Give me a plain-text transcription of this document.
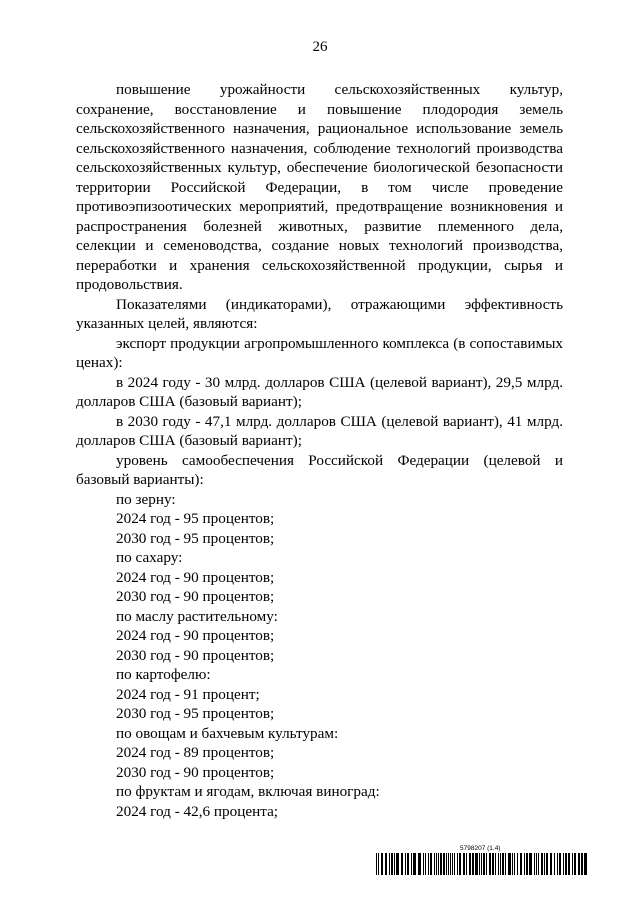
26

повышение урожайности сельскохозяйственных культур, сохранение, восстановление и повышение плодородия земель сельскохозяйственного назначения, рациональное использование земель сельскохозяйственного назначения, соблюдение технологий производства сельскохозяйственных культур, обеспечение биологической безопасности территории Российской Федерации, в том числе проведение противоэпизоотических мероприятий, предотвращение возникновения и распространения болезней животных, развитие племенного дела, селекции и семеноводства, создание новых технологий производства, переработки и хранения сельскохозяйственной продукции, сырья и продовольствия.

Показателями (индикаторами), отражающими эффективность указанных целей, являются:

экспорт продукции агропромышленного комплекса (в сопоставимых ценах):

в 2024 году - 30 млрд. долларов США (целевой вариант), 29,5 млрд. долларов США (базовый вариант);

в 2030 году - 47,1 млрд. долларов США (целевой вариант), 41 млрд. долларов США (базовый вариант);

уровень самообеспечения Российской Федерации (целевой и базовый варианты):

по зерну:

2024 год - 95 процентов;

2030 год - 95 процентов;

по сахару:

2024 год - 90 процентов;

2030 год - 90 процентов;

по маслу растительному:

2024 год - 90 процентов;

2030 год - 90 процентов;

по картофелю:

2024 год - 91 процент;

2030 год - 95 процентов;

по овощам и бахчевым культурам:

2024 год - 89 процентов;

2030 год - 90 процентов;

по фруктам и ягодам, включая виноград:

2024 год - 42,6 процента;

5798207 (1.4)
